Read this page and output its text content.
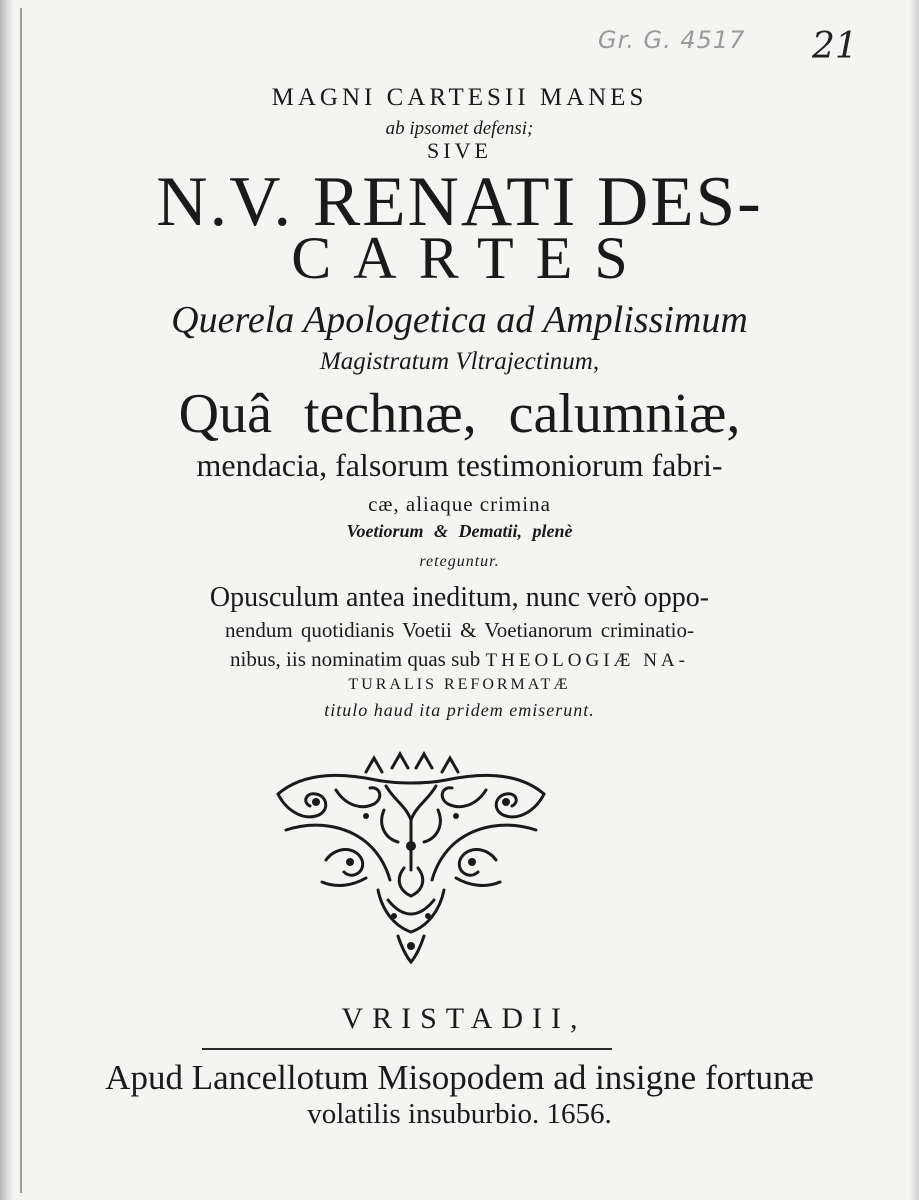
Gr. G. 4517 21
MAGNI CARTESII MANES
ab ipsomet defensi;
SIVE
N.V. RENATI DES-
CARTES
Querela Apologetica ad Amplissimum
Magistratum Vltrajectinum,
Quâ technæ, calumniæ,
mendacia, falsorum testimoniorum fabri-
cæ, aliaque crimina
Voetiorum & Dematii, plenè
reteguntur.
Opusculum antea ineditum, nunc verò oppo-
nendum quotidianis Voetii & Voetianorum criminatio-
nibus, iis nominatim quas sub THEOLOGIÆ NA-
TURALIS REFORMATÆ
titulo haud ita pridem emiserunt.
VRISTADII,
Apud Lancellotum Misopodem ad insigne fortunæ
volatilis insuburbio. 1656.
